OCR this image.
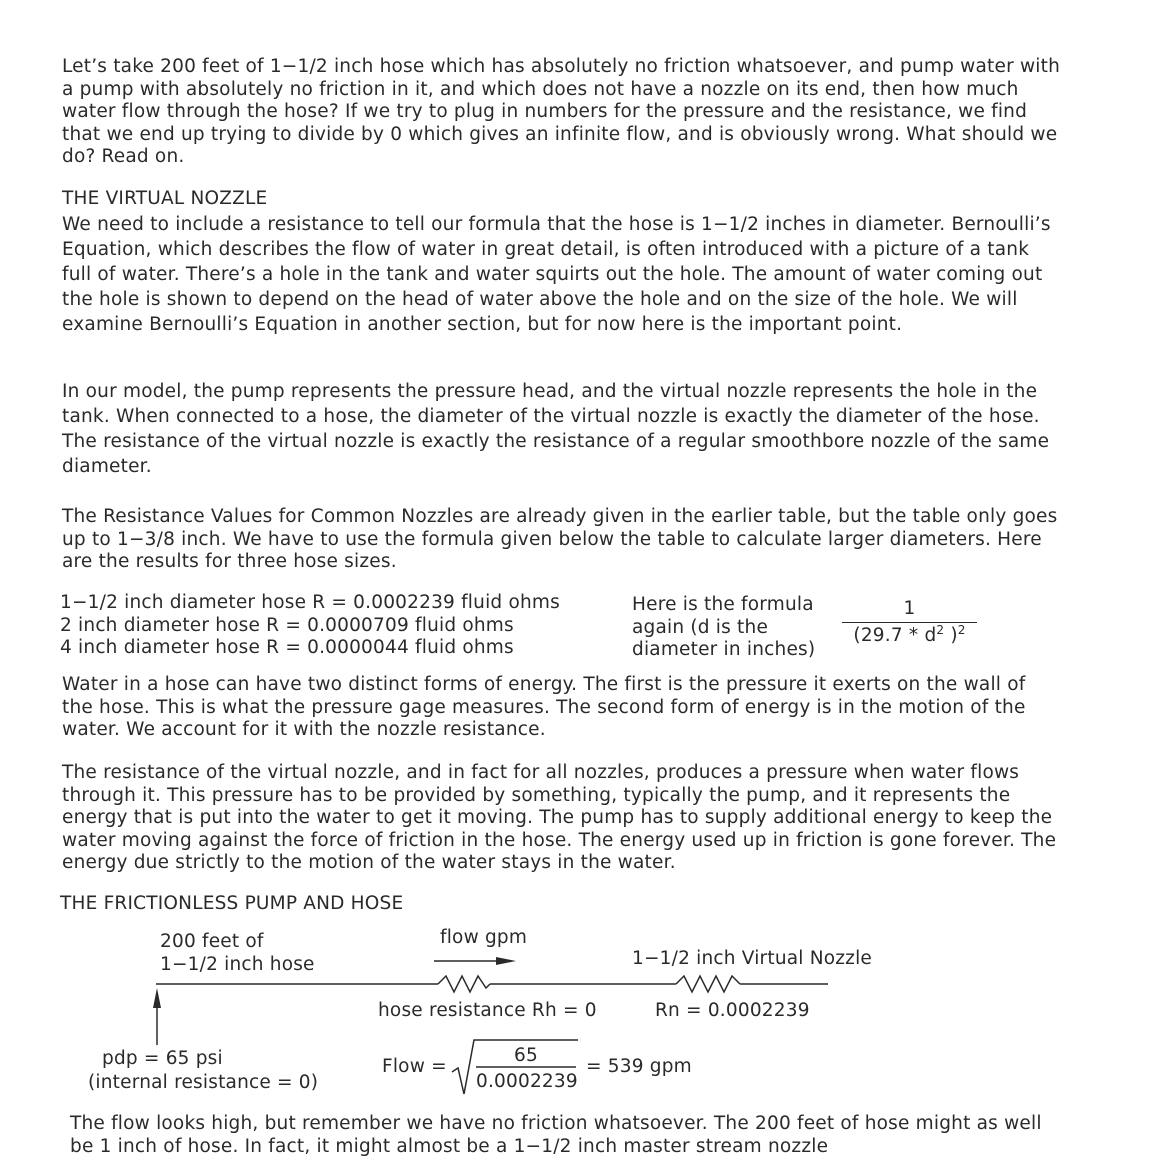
Let’s take 200 feet of 1−1/2 inch hose which has absolutely no friction whatsoever, and pump water with a pump with absolutely no friction in it, and which does not have a nozzle on its end, then how much water flow through the hose? If we try to plug in numbers for the pressure and the resistance, we find that we end up trying to divide by 0 which gives an infinite flow, and is obviously wrong. What should we do? Read on.

THE VIRTUAL NOZZLE

We need to include a resistance to tell our formula that the hose is 1−1/2 inches in diameter. Bernoulli’s Equation, which describes the flow of water in great detail, is often introduced with a picture of a tank full of water. There’s a hole in the tank and water squirts out the hole. The amount of water coming out the hole is shown to depend on the head of water above the hole and on the size of the hole. We will examine Bernoulli’s Equation in another section, but for now here is the important point.

In our model, the pump represents the pressure head, and the virtual nozzle represents the hole in the tank. When connected to a hose, the diameter of the virtual nozzle is exactly the diameter of the hose. The resistance of the virtual nozzle is exactly the resistance of a regular smoothbore nozzle of the same diameter.

The Resistance Values for Common Nozzles are already given in the earlier table, but the table only goes up to 1−3/8 inch. We have to use the formula given below the table to calculate larger diameters. Here are the results for three hose sizes.

1−1/2 inch diameter hose R = 0.0002239 fluid ohms
2 inch diameter hose R = 0.0000709 fluid ohms
4 inch diameter hose R = 0.0000044 fluid ohms
Here is the formula again (d is the diameter in inches)
$\frac{1}{(29.7 * d^2 )^2}$

Water in a hose can have two distinct forms of energy. The first is the pressure it exerts on the wall of the hose. This is what the pressure gage measures. The second form of energy is in the motion of the water. We account for it with the nozzle resistance.

The resistance of the virtual nozzle, and in fact for all nozzles, produces a pressure when water flows through it. This pressure has to be provided by something, typically the pump, and it represents the energy that is put into the water to get it moving. The pump has to supply additional energy to keep the water moving against the force of friction in the hose. The energy used up in friction is gone forever. The energy due strictly to the motion of the water stays in the water.

THE FRICTIONLESS PUMP AND HOSE

200 feet of
1−1/2 inch hose
flow gpm
1−1/2 inch Virtual Nozzle
hose resistance Rh = 0	Rn = 0.0002239
pdp = 65 psi
(internal resistance = 0)
Flow =
65
0.0002239
= 539 gpm

The flow looks high, but remember we have no friction whatsoever. The 200 feet of hose might as well be 1 inch of hose. In fact, it might almost be a 1−1/2 inch master stream nozzle
